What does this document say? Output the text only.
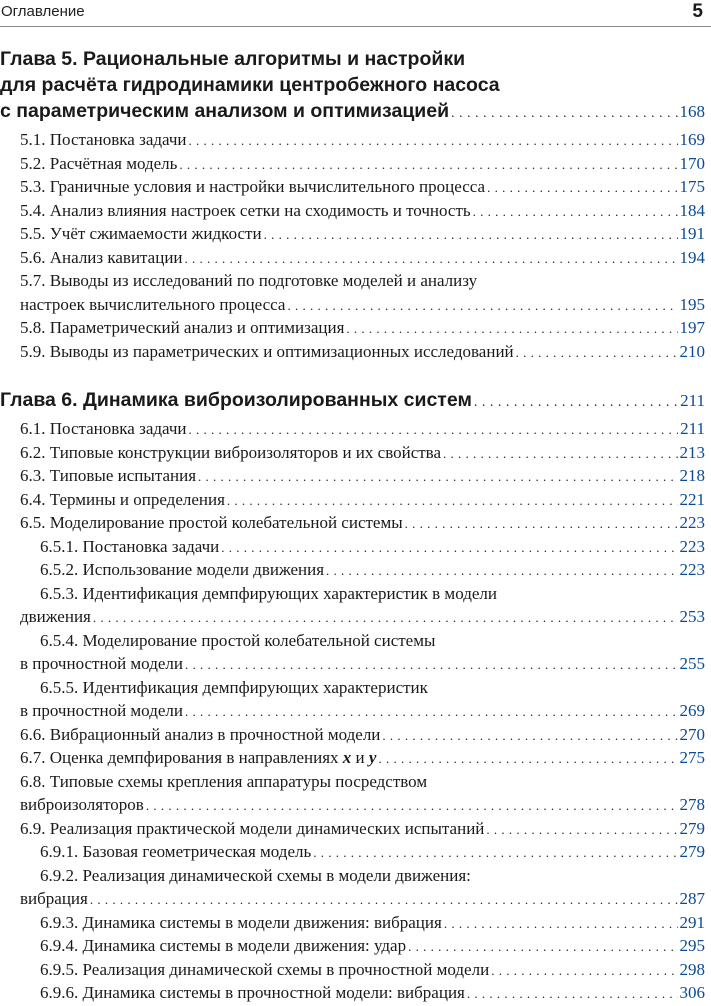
Оглавление	5
Глава 5. Рациональные алгоритмы и настройки
для расчёта гидродинамики центробежного насоса
с параметрическим анализом и оптимизацией . . .	168
5.1. Постановка задачи . . .	169
5.2. Расчётная модель . . .	170
5.3. Граничные условия и настройки вычислительного процесса . . .	175
5.4. Анализ влияния настроек сетки на сходимость и точность . . .	184
5.5. Учёт сжимаемости жидкости . . .	191
5.6. Анализ кавитации . . .	194
5.7. Выводы из исследований по подготовке моделей и анализу
настроек вычислительного процесса . . .	195
5.8. Параметрический анализ и оптимизация . . .	197
5.9. Выводы из параметрических и оптимизационных исследований . . .	210
Глава 6. Динамика виброизолированных систем . . .	211
6.1. Постановка задачи . . .	211
6.2. Типовые конструкции виброизоляторов и их свойства . . .	213
6.3. Типовые испытания . . .	218
6.4. Термины и определения . . .	221
6.5. Моделирование простой колебательной системы . . .	223
6.5.1. Постановка задачи . . .	223
6.5.2. Использование модели движения . . .	223
6.5.3. Идентификация демпфирующих характеристик в модели
движения . . .	253
6.5.4. Моделирование простой колебательной системы
в прочностной модели . . .	255
6.5.5. Идентификация демпфирующих характеристик
в прочностной модели . . .	269
6.6. Вибрационный анализ в прочностной модели . . .	270
6.7. Оценка демпфирования в направлениях x и y . . .	275
6.8. Типовые схемы крепления аппаратуры посредством
виброизоляторов . . .	278
6.9. Реализация практической модели динамических испытаний . . .	279
6.9.1. Базовая геометрическая модель . . .	279
6.9.2. Реализация динамической схемы в модели движения:
вибрация . . .	287
6.9.3. Динамика системы в модели движения: вибрация . . .	291
6.9.4. Динамика системы в модели движения: удар . . .	295
6.9.5. Реализация динамической схемы в прочностной модели . . .	298
6.9.6. Динамика системы в прочностной модели: вибрация . . .	306
